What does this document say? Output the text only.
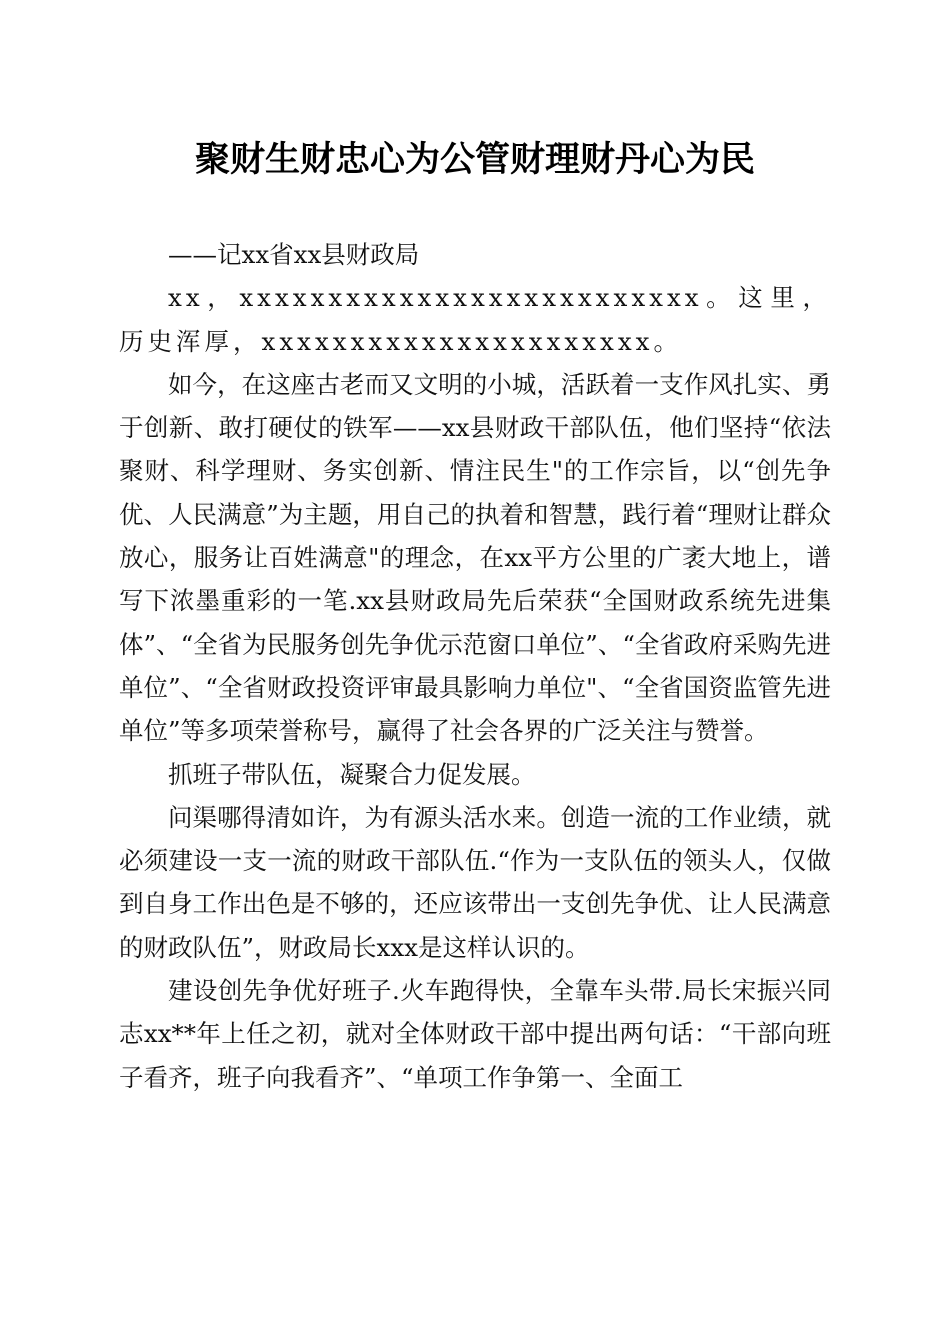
聚财生财忠心为公管财理财丹心为民

——记xx省xx县财政局

xx，xxxxxxxxxxxxxxxxxxxxxxxxxx。这里，历史浑厚，xxxxxxxxxxxxxxxxxxxxxx。

如今，在这座古老而又文明的小城，活跃着一支作风扎实、勇于创新、敢打硬仗的铁军——xx县财政干部队伍，他们坚持“依法聚财、科学理财、务实创新、情注民生"的工作宗旨，以“创先争优、人民满意”为主题，用自己的执着和智慧，践行着“理财让群众放心，服务让百姓满意"的理念，在xx平方公里的广袤大地上，谱写下浓墨重彩的一笔.xx县财政局先后荣获“全国财政系统先进集体”、“全省为民服务创先争优示范窗口单位”、“全省政府采购先进单位”、“全省财政投资评审最具影响力单位"、“全省国资监管先进单位”等多项荣誉称号，赢得了社会各界的广泛关注与赞誉。

抓班子带队伍，凝聚合力促发展。

问渠哪得清如许，为有源头活水来。创造一流的工作业绩，就必须建设一支一流的财政干部队伍.“作为一支队伍的领头人，仅做到自身工作出色是不够的，还应该带出一支创先争优、让人民满意的财政队伍”，财政局长xxx是这样认识的。

建设创先争优好班子.火车跑得快，全靠车头带.局长宋振兴同志xx**年上任之初，就对全体财政干部中提出两句话：“干部向班子看齐，班子向我看齐”、“单项工作争第一、全面工
